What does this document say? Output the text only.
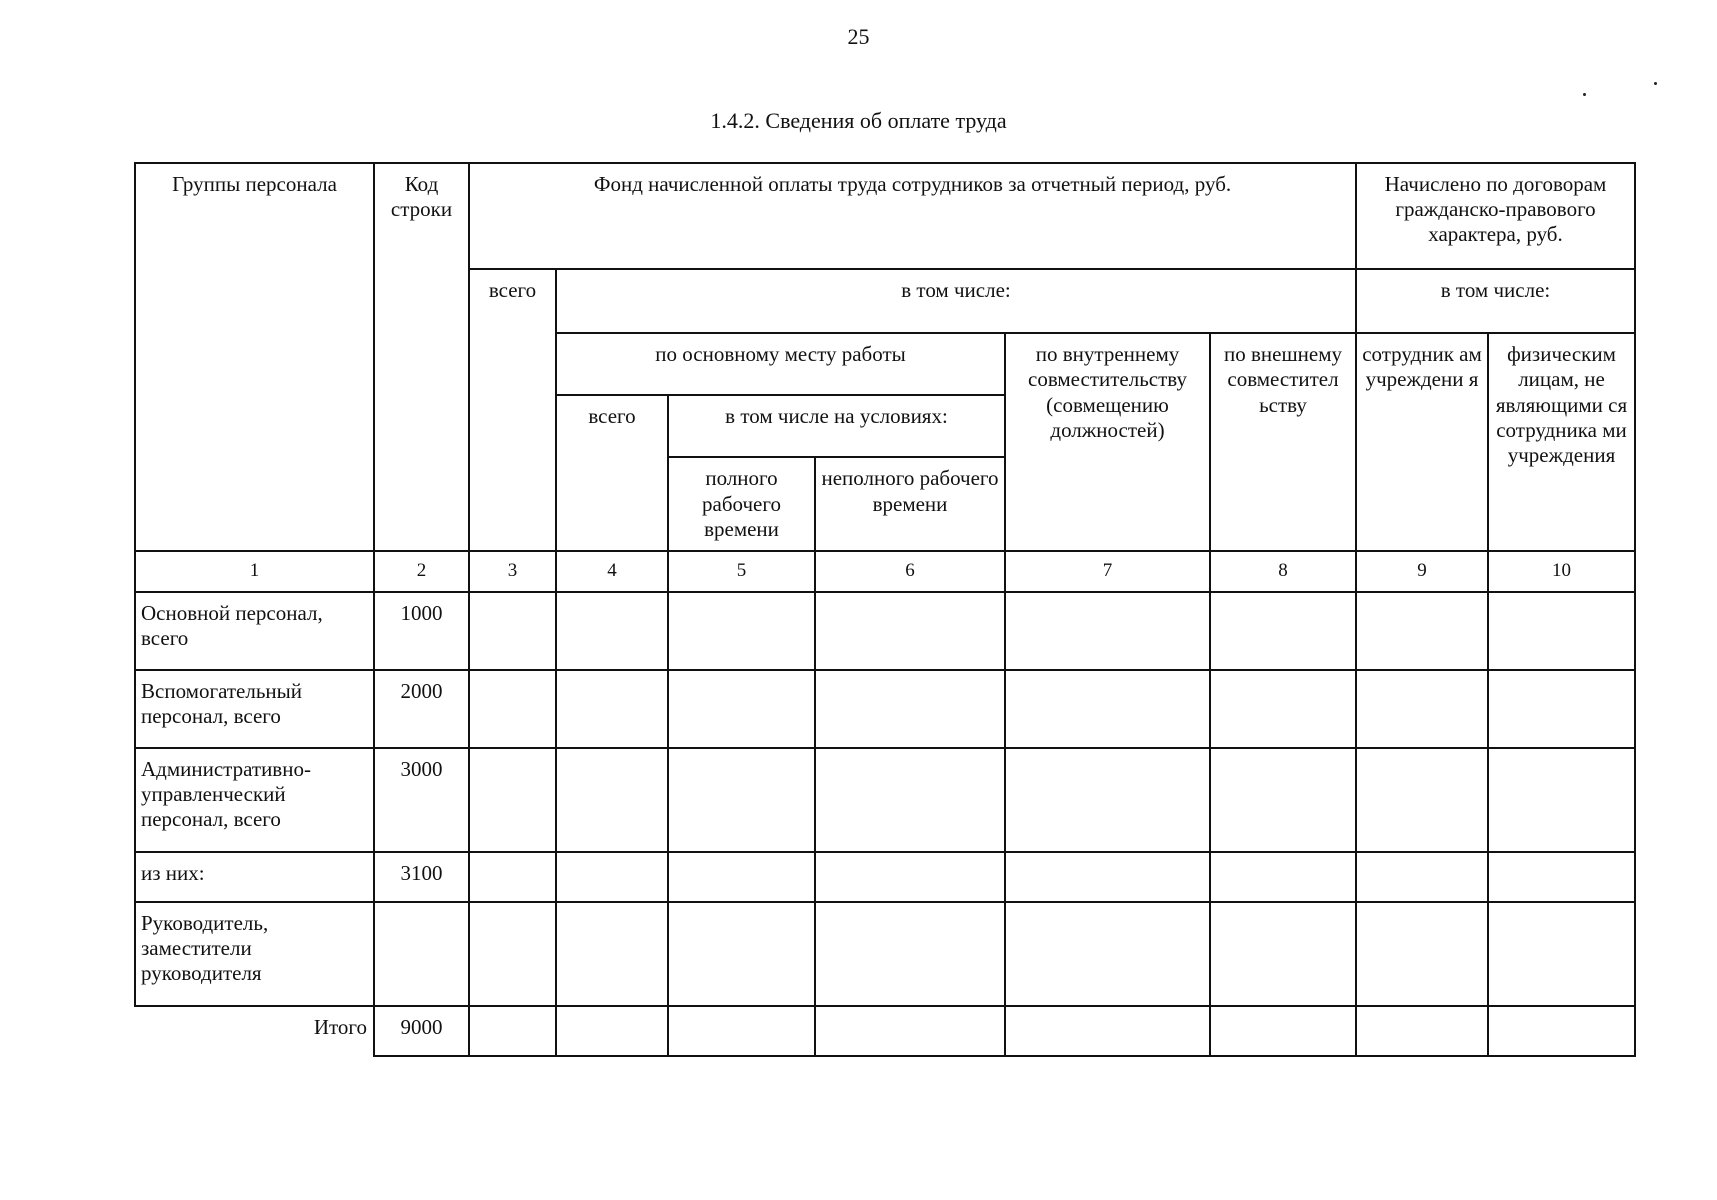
25
1.4.2. Сведения об оплате труда
Группы персонала	Код строки	Фонд начисленной оплаты труда сотрудников за отчетный период, руб.						Начислено по договорам гражданско-правового характера, руб.	
		всего	в том числе:					в том числе:	
			по основному месту работы			по внутреннему совместительству (совмещению должностей)	по внешнему совместител ьству	сотрудник ам учреждени я	физическим лицам, не являющими ся сотрудника ми учреждения
			всего	в том числе на условиях:					
				полного рабочего времени	неполного рабочего времени				
1	2	3	4	5	6	7	8	9	10
Основной персонал, всего	1000								
Вспомогательный персонал, всего	2000								
Административно-управленческий персонал, всего	3000								
из них:	3100								
Руководитель, заместители руководителя									
Итого	9000								
